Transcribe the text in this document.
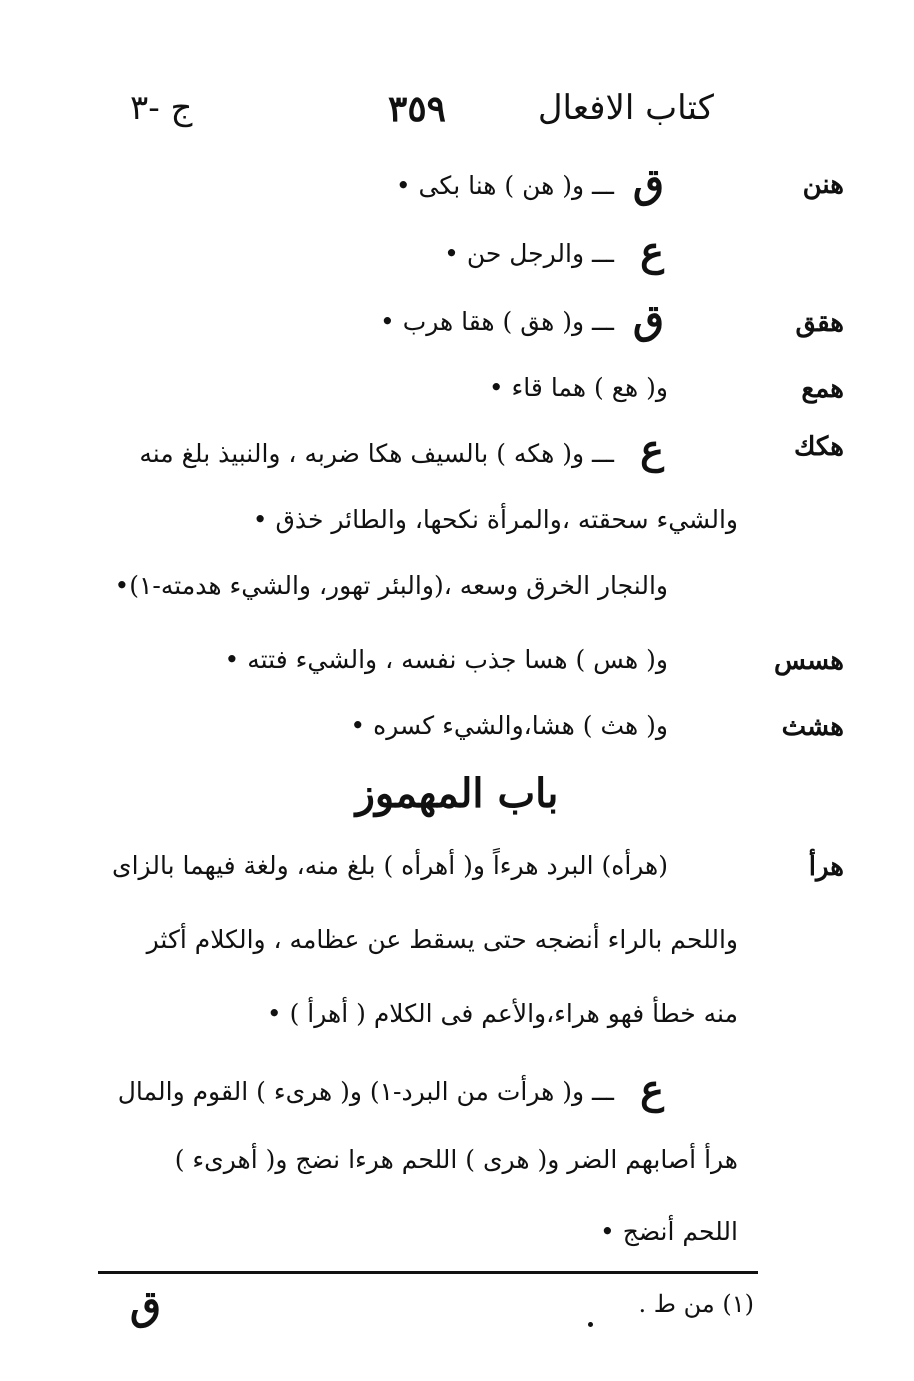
كتاب الافعال
٣٥٩
ج -٣
هنن
ق
ـــ و( هن ) هنا بكى •
ع
ـــ والرجل حن •
هقق
ق
ـــ و( هق ) هقا هرب •
همع
و( هع ) هما قاء •
هكك
ع
ـــ و( هكه ) بالسيف هكا ضربه ، والنبيذ بلغ منه
والشيء سحقته ،والمرأة نكحها، والطائر خذق •
والنجار الخرق وسعه ،(والبئر تهور، والشيء هدمته-١)•
هسس
و( هس ) هسا جذب نفسه ، والشيء فتته •
هشث
و( هث ) هشا،والشيء كسره •
باب المهموز
هرأ
(هرأه) البرد هرءاً و( أهرأه ) بلغ منه، ولغة فيهما بالزاى
واللحم بالراء أنضجه حتى يسقط عن عظامه ، والكلام أكثر
منه خطأ فهو هراء،والأعم فى الكلام ( أهرأ ) •
ع
ـــ و( هرأت من البرد-١) و( هرىء ) القوم والمال
هرأ أصابهم الضر و( هرى ) اللحم هرءا نضج و( أهرىء )
اللحم أنضج •
(١) من ط .
ق
